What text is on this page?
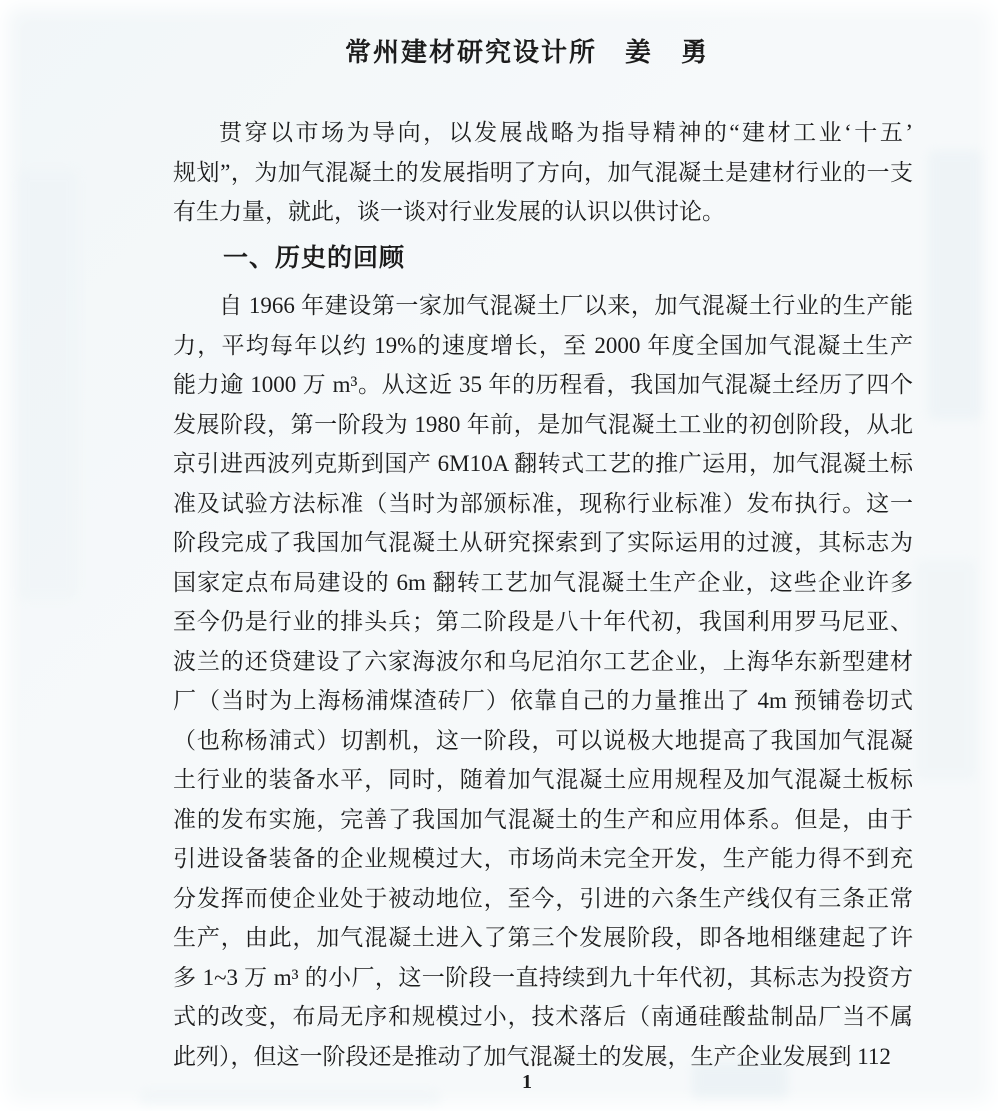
常州建材研究设计所　姜　勇
贯穿以市场为导向，以发展战略为指导精神的“建材工业‘十五’
规划”，为加气混凝土的发展指明了方向，加气混凝土是建材行业的一支
有生力量，就此，谈一谈对行业发展的认识以供讨论。
一、历史的回顾
自 1966 年建设第一家加气混凝土厂以来，加气混凝土行业的生产能
力，平均每年以约 19%的速度增长，至 2000 年度全国加气混凝土生产
能力逾 1000 万 m³。从这近 35 年的历程看，我国加气混凝土经历了四个
发展阶段，第一阶段为 1980 年前，是加气混凝土工业的初创阶段，从北
京引进西波列克斯到国产 6M10A 翻转式工艺的推广运用，加气混凝土标
准及试验方法标准（当时为部颁标准，现称行业标准）发布执行。这一
阶段完成了我国加气混凝土从研究探索到了实际运用的过渡，其标志为
国家定点布局建设的 6m 翻转工艺加气混凝土生产企业，这些企业许多
至今仍是行业的排头兵；第二阶段是八十年代初，我国利用罗马尼亚、
波兰的还贷建设了六家海波尔和乌尼泊尔工艺企业，上海华东新型建材
厂（当时为上海杨浦煤渣砖厂）依靠自己的力量推出了 4m 预铺卷切式
（也称杨浦式）切割机，这一阶段，可以说极大地提高了我国加气混凝
土行业的装备水平，同时，随着加气混凝土应用规程及加气混凝土板标
准的发布实施，完善了我国加气混凝土的生产和应用体系。但是，由于
引进设备装备的企业规模过大，市场尚未完全开发，生产能力得不到充
分发挥而使企业处于被动地位，至今，引进的六条生产线仅有三条正常
生产，由此，加气混凝土进入了第三个发展阶段，即各地相继建起了许
多 1~3 万 m³ 的小厂，这一阶段一直持续到九十年代初，其标志为投资方
式的改变，布局无序和规模过小，技术落后（南通硅酸盐制品厂当不属
此列），但这一阶段还是推动了加气混凝土的发展，生产企业发展到 112
1
